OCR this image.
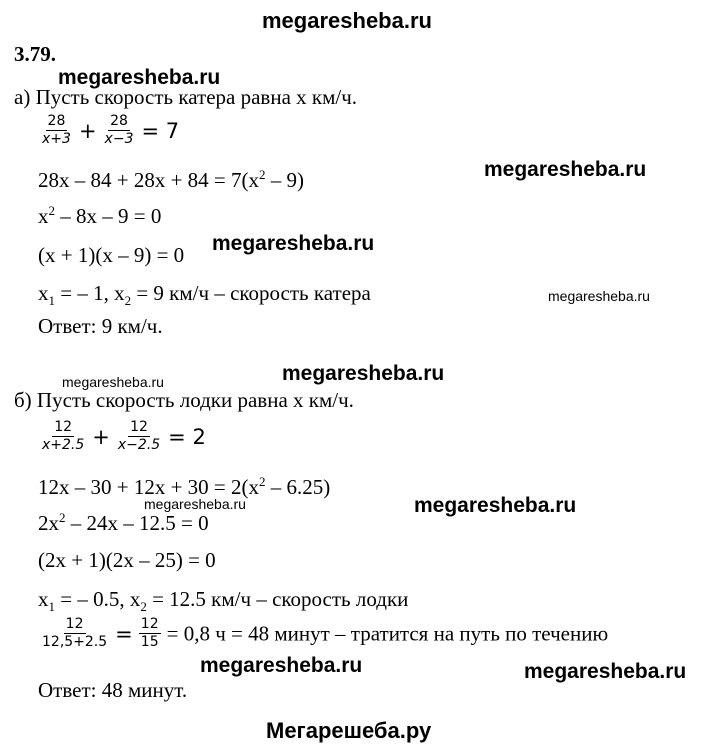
megaresheba.ru
megaresheba.ru
megaresheba.ru
megaresheba.ru
megaresheba.ru
megaresheba.ru
megaresheba.ru
megaresheba.ru	megaresheba.ru
megaresheba.ru	megaresheba.ru
Мегарешеба.ру
3.79.
а) Пусть скорость катера равна x км/ч.
$\frac{28}{x+3} + \frac{28}{x-3} = 7$
$28x - 84 + 28x + 84 = 7(x^2 - 9)$
$x^2 - 8x - 9 = 0$
(x + 1)(x – 9) = 0
$x_1$ = – 1, $x_2 = 9$ км/ч – скорость катера
Ответ: 9 км/ч.
б) Пусть скорость лодки равна x км/ч.
$\frac{12}{x+2.5} + \frac{12}{x-2.5} = 2$
$12x - 30 + 12x + 30 = 2(x^2 - 6.25)$
$2x^2 - 24x - 12.5 = 0$
(2x + 1)(2x – 25) = 0
$x_1$ = – 0.5, $x_2 = 12.5$ км/ч – скорость лодки
$\frac{12}{12,5+2.5} = \frac{12}{15} = 0,8$ ч = 48 минут – тратится на путь по течению
Ответ: 48 минут.
